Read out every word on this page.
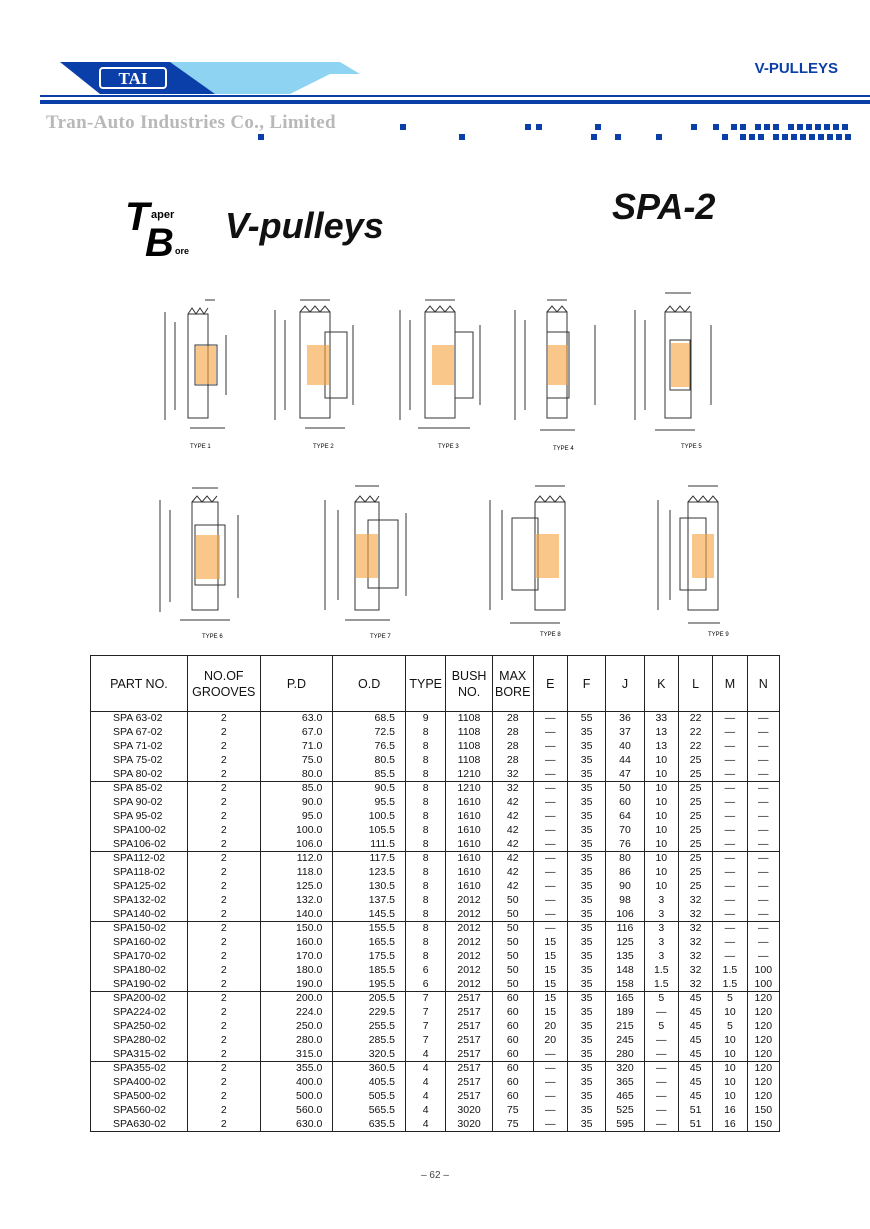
TAI
V-PULLEYS
Tran-Auto Industries Co., Limited
T aper
B ore
V-pulleys	SPA-2
TYPE 1	TYPE 2	TYPE 3	TYPE 4	TYPE 5
TYPE 6	TYPE 7	TYPE 8	TYPE 9
PART NO.	NO.OF GROOVES	P.D	O.D	TYPE	BUSH NO.	MAX BORE	E	F	J	K	L	M	N
SPA 63-02	2	63.0	68.5	9	1108	28	—	55	36	33	22	—	—
SPA 67-02	2	67.0	72.5	8	1108	28	—	35	37	13	22	—	—
SPA 71-02	2	71.0	76.5	8	1108	28	—	35	40	13	22	—	—
SPA 75-02	2	75.0	80.5	8	1108	28	—	35	44	10	25	—	—
SPA 80-02	2	80.0	85.5	8	1210	32	—	35	47	10	25	—	—
SPA 85-02	2	85.0	90.5	8	1210	32	—	35	50	10	25	—	—
SPA 90-02	2	90.0	95.5	8	1610	42	—	35	60	10	25	—	—
SPA 95-02	2	95.0	100.5	8	1610	42	—	35	64	10	25	—	—
SPA100-02	2	100.0	105.5	8	1610	42	—	35	70	10	25	—	—
SPA106-02	2	106.0	111.5	8	1610	42	—	35	76	10	25	—	—
SPA112-02	2	112.0	117.5	8	1610	42	—	35	80	10	25	—	—
SPA118-02	2	118.0	123.5	8	1610	42	—	35	86	10	25	—	—
SPA125-02	2	125.0	130.5	8	1610	42	—	35	90	10	25	—	—
SPA132-02	2	132.0	137.5	8	2012	50	—	35	98	3	32	—	—
SPA140-02	2	140.0	145.5	8	2012	50	—	35	106	3	32	—	—
SPA150-02	2	150.0	155.5	8	2012	50	—	35	116	3	32	—	—
SPA160-02	2	160.0	165.5	8	2012	50	15	35	125	3	32	—	—
SPA170-02	2	170.0	175.5	8	2012	50	15	35	135	3	32	—	—
SPA180-02	2	180.0	185.5	6	2012	50	15	35	148	1.5	32	1.5	100
SPA190-02	2	190.0	195.5	6	2012	50	15	35	158	1.5	32	1.5	100
SPA200-02	2	200.0	205.5	7	2517	60	15	35	165	5	45	5	120
SPA224-02	2	224.0	229.5	7	2517	60	15	35	189	—	45	10	120
SPA250-02	2	250.0	255.5	7	2517	60	20	35	215	5	45	5	120
SPA280-02	2	280.0	285.5	7	2517	60	20	35	245	—	45	10	120
SPA315-02	2	315.0	320.5	4	2517	60	—	35	280	—	45	10	120
SPA355-02	2	355.0	360.5	4	2517	60	—	35	320	—	45	10	120
SPA400-02	2	400.0	405.5	4	2517	60	—	35	365	—	45	10	120
SPA500-02	2	500.0	505.5	4	2517	60	—	35	465	—	45	10	120
SPA560-02	2	560.0	565.5	4	3020	75	—	35	525	—	51	16	150
SPA630-02	2	630.0	635.5	4	3020	75	—	35	595	—	51	16	150
– 62 –
